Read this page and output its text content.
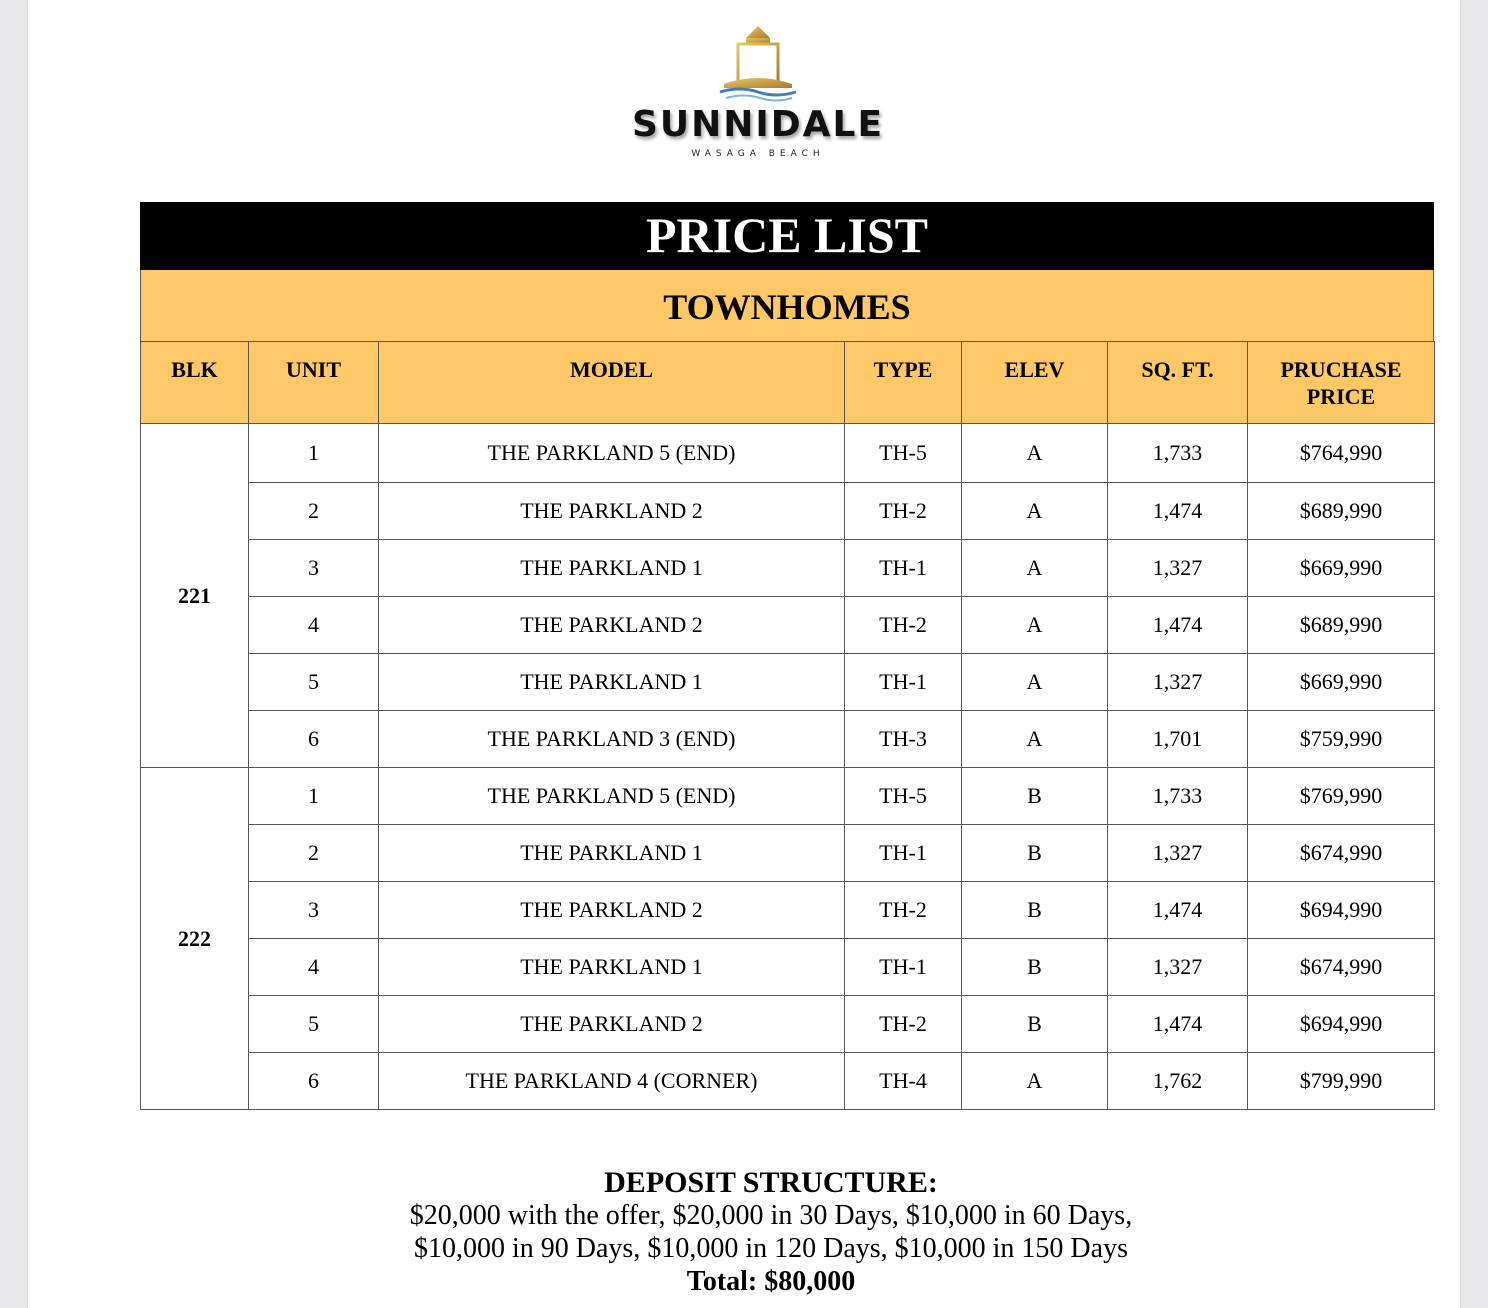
SUNNIDALE
WASAGA BEACH
PRICE LIST
TOWNHOMES
BLK	UNIT	MODEL	TYPE	ELEV	SQ. FT.	PRUCHASE
PRICE
221	1	THE PARKLAND 5 (END)	TH-5	A	1,733	$764,990
	2	THE PARKLAND 2	TH-2	A	1,474	$689,990
	3	THE PARKLAND 1	TH-1	A	1,327	$669,990
	4	THE PARKLAND 2	TH-2	A	1,474	$689,990
	5	THE PARKLAND 1	TH-1	A	1,327	$669,990
	6	THE PARKLAND 3 (END)	TH-3	A	1,701	$759,990
222	1	THE PARKLAND 5 (END)	TH-5	B	1,733	$769,990
	2	THE PARKLAND 1	TH-1	B	1,327	$674,990
	3	THE PARKLAND 2	TH-2	B	1,474	$694,990
	4	THE PARKLAND 1	TH-1	B	1,327	$674,990
	5	THE PARKLAND 2	TH-2	B	1,474	$694,990
	6	THE PARKLAND 4 (CORNER)	TH-4	A	1,762	$799,990
DEPOSIT STRUCTURE:
$20,000 with the offer, $20,000 in 30 Days, $10,000 in 60 Days,
$10,000 in 90 Days, $10,000 in 120 Days, $10,000 in 150 Days
Total: $80,000
